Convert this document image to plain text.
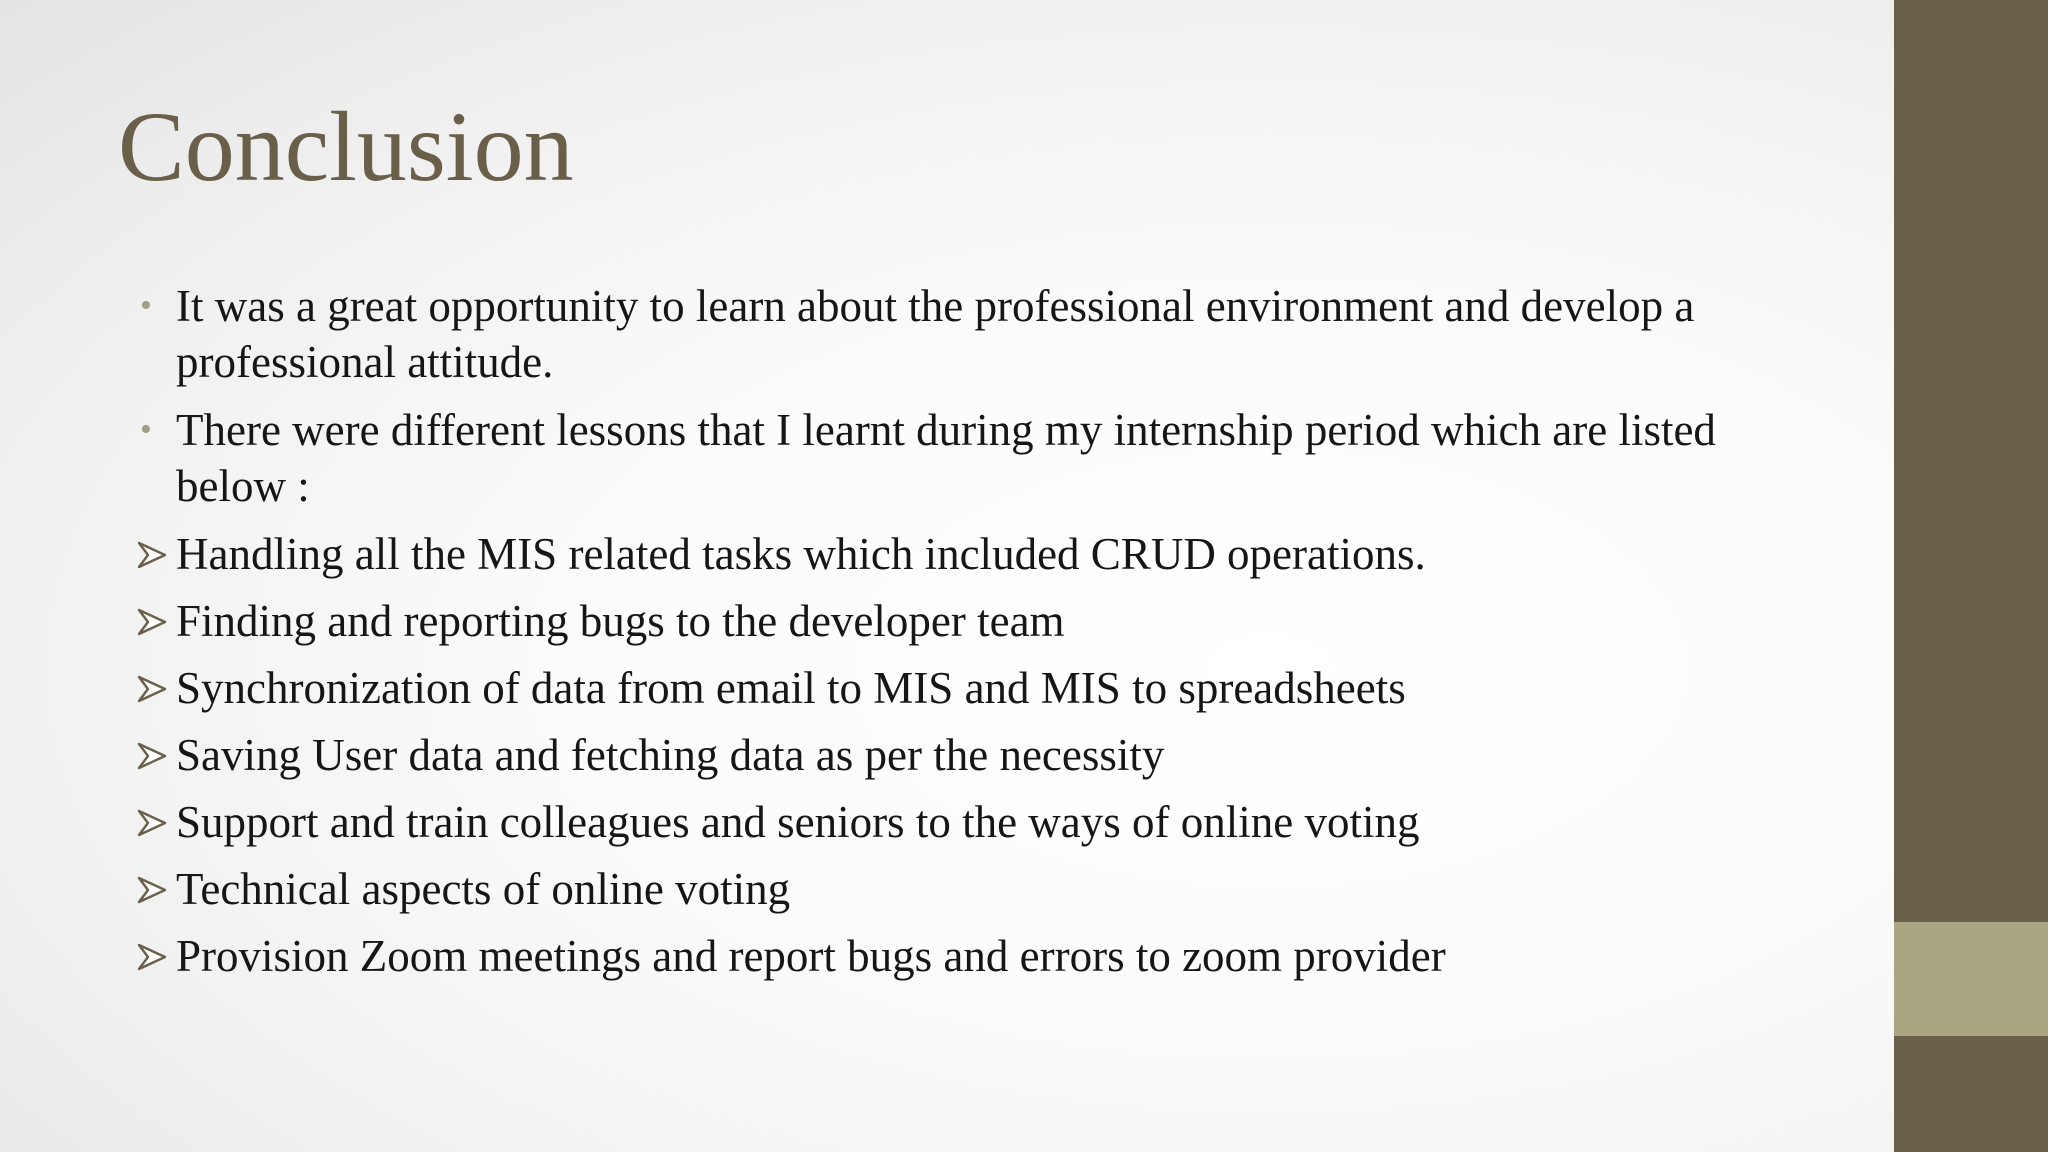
Conclusion
• It was a great opportunity to learn about the professional environment and develop a professional attitude.
• There were different lessons that I learnt during my internship period which are listed below :
Handling all the MIS related tasks which included CRUD operations.
Finding and reporting bugs to the developer team
Synchronization of data from email to MIS and MIS to spreadsheets
Saving User data and fetching data as per the necessity
Support and train colleagues and seniors to the ways of online voting
Technical aspects of online voting
Provision Zoom meetings and report bugs and errors to zoom provider
